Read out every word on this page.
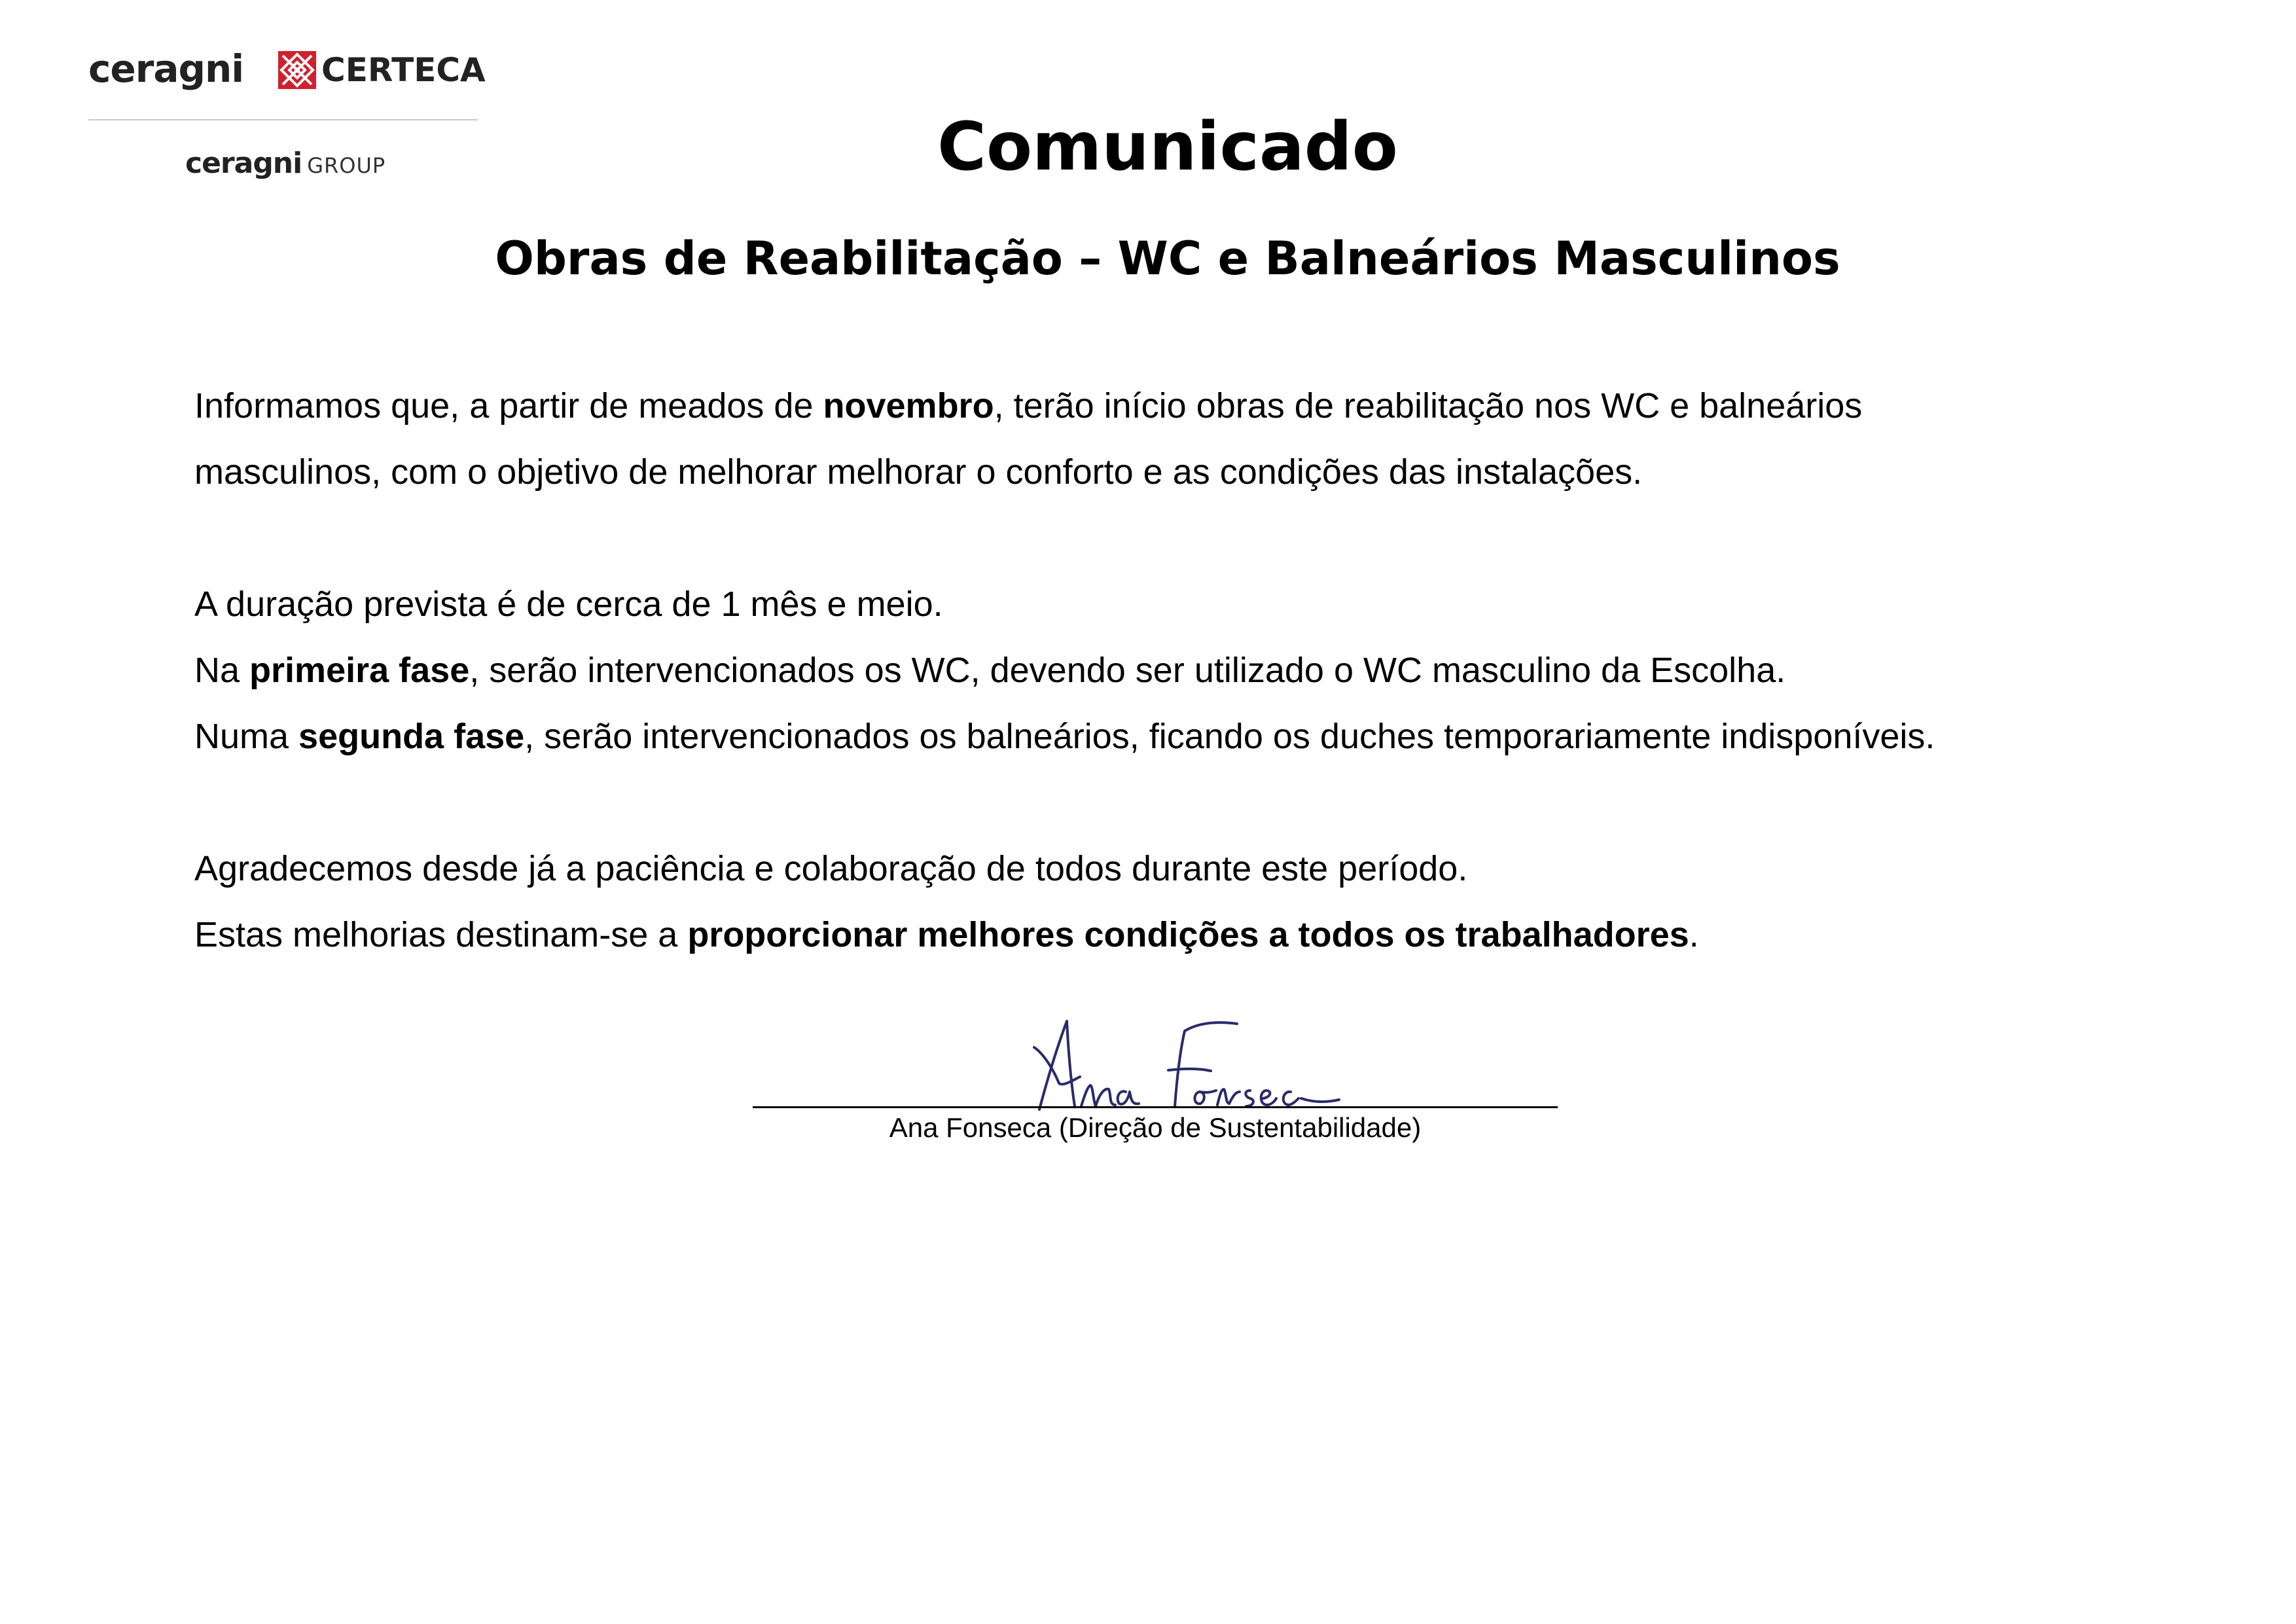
ceragni CERTECA
ceragni GROUP	Comunicado
Obras de Reabilitação – WC e Balneários Masculinos

Informamos que, a partir de meados de novembro, terão início obras de reabilitação nos WC e balneários

masculinos, com o objetivo de melhorar melhorar o conforto e as condições das instalações.

A duração prevista é de cerca de 1 mês e meio.

Na primeira fase, serão intervencionados os WC, devendo ser utilizado o WC masculino da Escolha.

Numa segunda fase, serão intervencionados os balneários, ficando os duches temporariamente indisponíveis.

Agradecemos desde já a paciência e colaboração de todos durante este período.

Estas melhorias destinam-se a proporcionar melhores condições a todos os trabalhadores.

Ana Fonseca (Direção de Sustentabilidade)
